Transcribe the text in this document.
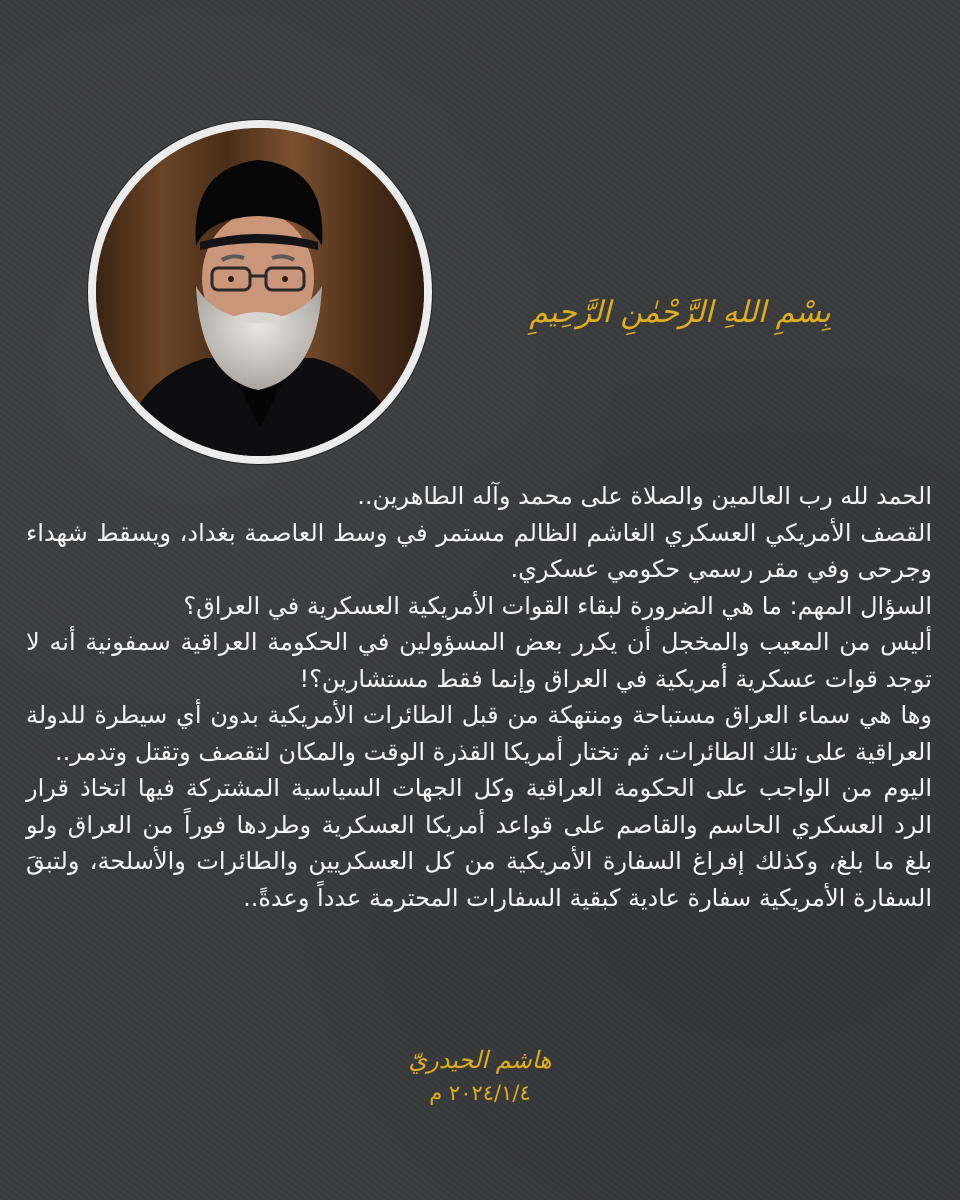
بِسْمِ اللهِ الرَّحْمٰنِ الرَّحِيمِ

الحمد لله رب العالمين والصلاة على محمد وآله الطاهرين..

القصف الأمريكي العسكري الغاشم الظالم مستمر في وسط العاصمة بغداد، ويسقط شهداء وجرحى وفي مقر رسمي حكومي عسكري.

السؤال المهم: ما هي الضرورة لبقاء القوات الأمريكية العسكرية في العراق؟

أليس من المعيب والمخجل أن يكرر بعض المسؤولين في الحكومة العراقية سمفونية أنه لا توجد قوات عسكرية أمريكية في العراق وإنما فقط مستشارين؟!

وها هي سماء العراق مستباحة ومنتهكة من قبل الطائرات الأمريكية بدون أي سيطرة للدولة العراقية على تلك الطائرات، ثم تختار أمريكا القذرة الوقت والمكان لتقصف وتقتل وتدمر..

اليوم من الواجب على الحكومة العراقية وكل الجهات السياسية المشتركة فيها اتخاذ قرار الرد العسكري الحاسم والقاصم على قواعد أمريكا العسكرية وطردها فوراً من العراق ولو بلغ ما بلغ، وكذلك إفراغ السفارة الأمريكية من كل العسكريين والطائرات والأسلحة، ولتبقَ السفارة الأمريكية سفارة عادية كبقية السفارات المحترمة عدداً وعدةً..

هاشم الحيدريّ
٢٠٢٤/١/٤ م
